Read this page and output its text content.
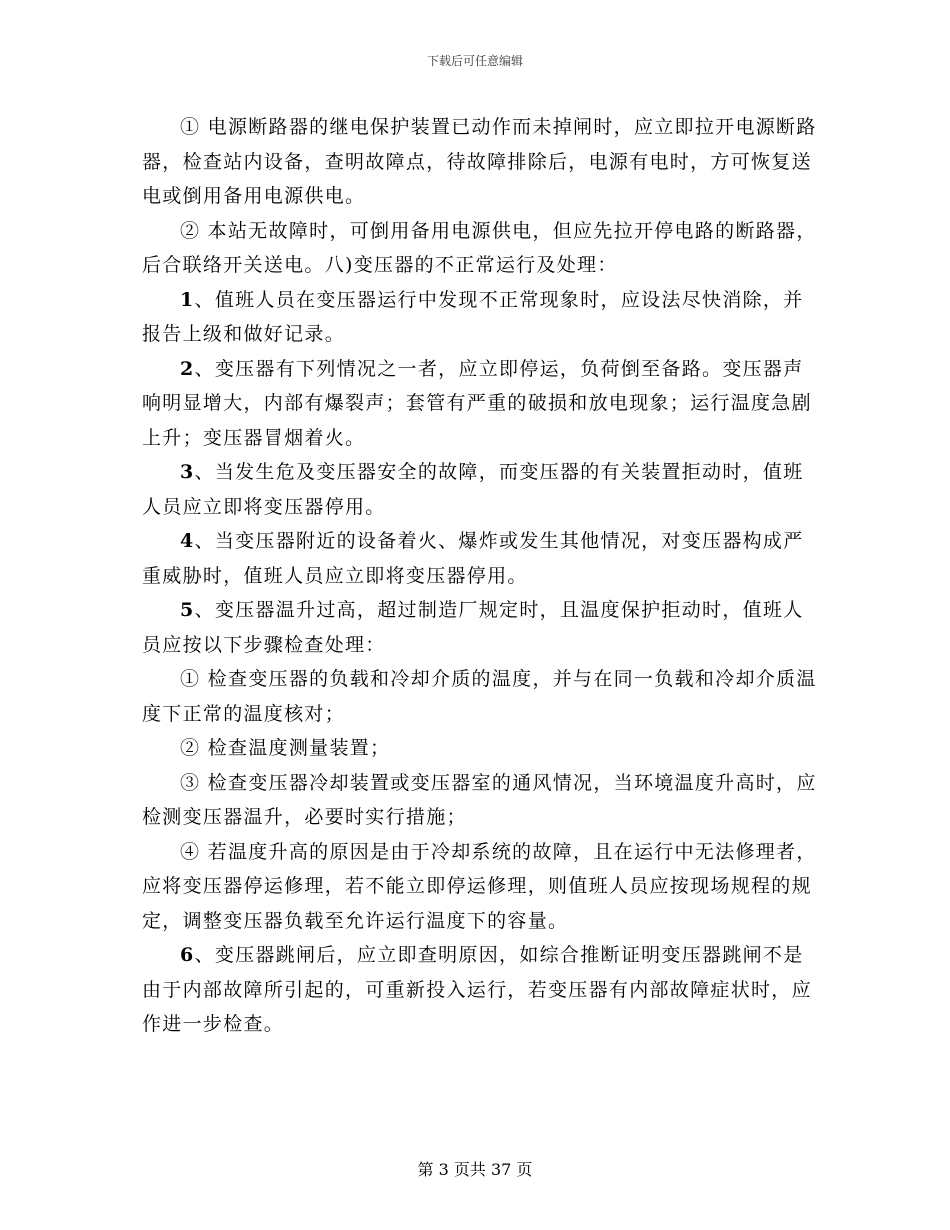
下载后可任意编辑

① 电源断路器的继电保护装置已动作而未掉闸时，应立即拉开电源断路器，检查站内设备，查明故障点，待故障排除后，电源有电时，方可恢复送电或倒用备用电源供电。

② 本站无故障时，可倒用备用电源供电，但应先拉开停电路的断路器，后合联络开关送电。八)变压器的不正常运行及处理：

1、值班人员在变压器运行中发现不正常现象时，应设法尽快消除，并报告上级和做好记录。

2、变压器有下列情况之一者，应立即停运，负荷倒至备路。变压器声响明显增大，内部有爆裂声；套管有严重的破损和放电现象；运行温度急剧上升；变压器冒烟着火。

3、当发生危及变压器安全的故障，而变压器的有关装置拒动时，值班人员应立即将变压器停用。

4、当变压器附近的设备着火、爆炸或发生其他情况，对变压器构成严重威胁时，值班人员应立即将变压器停用。

5、变压器温升过高，超过制造厂规定时，且温度保护拒动时，值班人员应按以下步骤检查处理：

① 检查变压器的负载和冷却介质的温度，并与在同一负载和冷却介质温度下正常的温度核对；

② 检查温度测量装置；

③ 检查变压器冷却装置或变压器室的通风情况，当环境温度升高时，应检测变压器温升，必要时实行措施；

④ 若温度升高的原因是由于冷却系统的故障，且在运行中无法修理者，应将变压器停运修理，若不能立即停运修理，则值班人员应按现场规程的规定，调整变压器负载至允许运行温度下的容量。

6、变压器跳闸后，应立即查明原因，如综合推断证明变压器跳闸不是由于内部故障所引起的，可重新投入运行，若变压器有内部故障症状时，应作进一步检查。

第 3 页共 37 页
